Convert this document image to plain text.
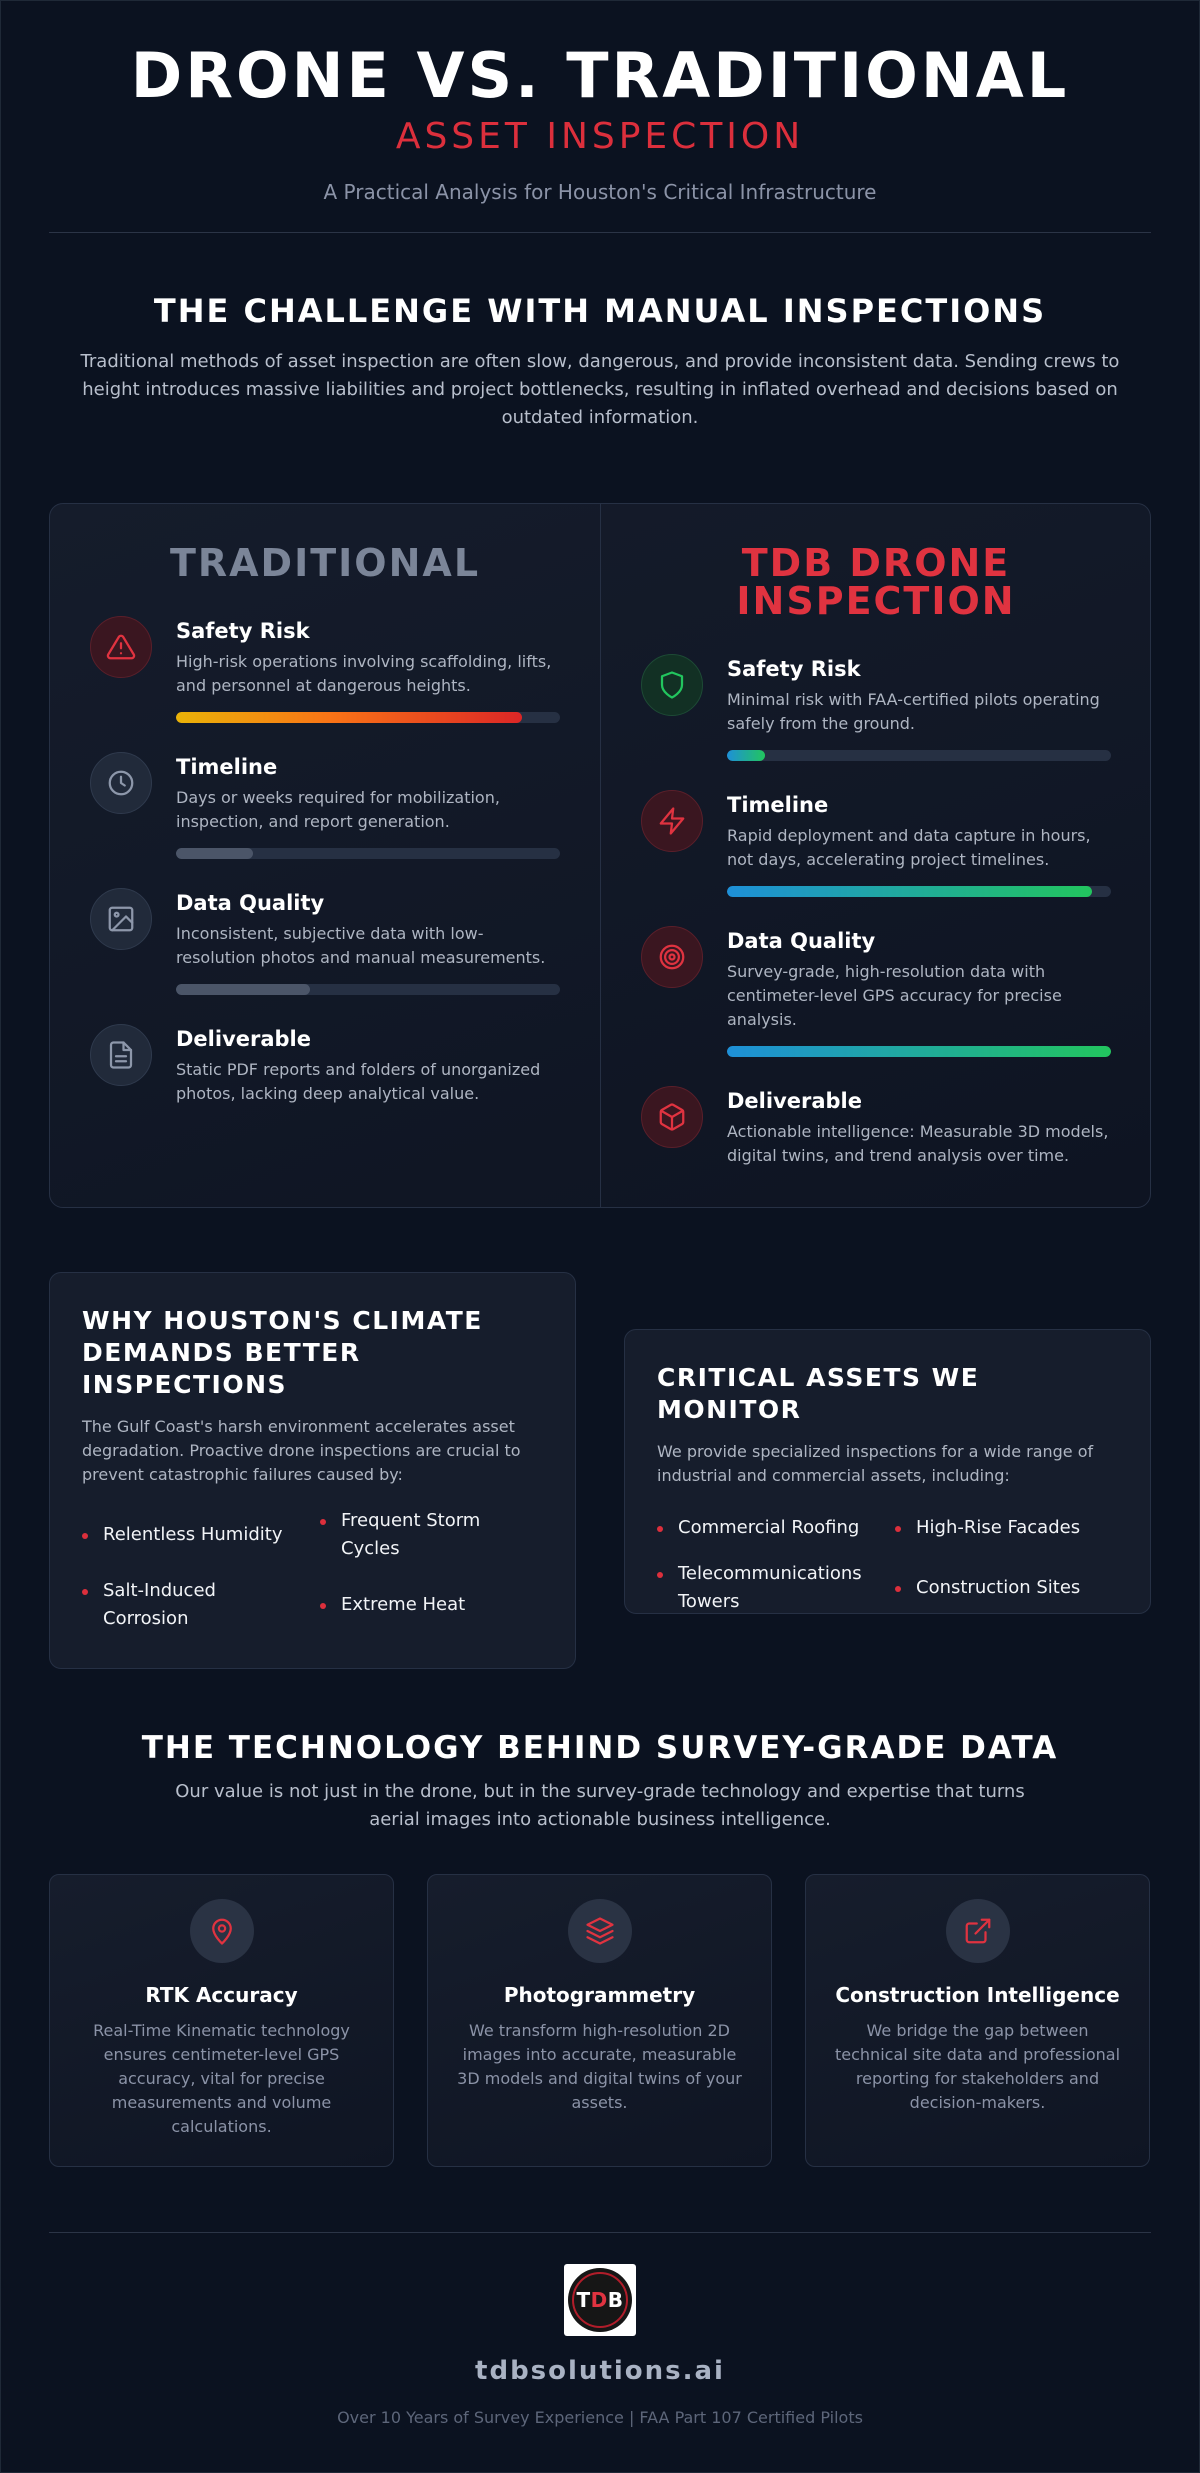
DRONE VS. TRADITIONAL
ASSET INSPECTION
A Practical Analysis for Houston's Critical Infrastructure
THE CHALLENGE WITH MANUAL INSPECTIONS

Traditional methods of asset inspection are often slow, dangerous, and provide inconsistent data. Sending crews to height introduces massive liabilities and project bottlenecks, resulting in inflated overhead and decisions based on outdated information.

TRADITIONAL
Safety Risk
High-risk operations involving scaffolding, lifts, and personnel at dangerous heights.
Timeline
Days or weeks required for mobilization, inspection, and report generation.
Data Quality
Inconsistent, subjective data with low-resolution photos and manual measurements.
Deliverable
Static PDF reports and folders of unorganized photos, lacking deep analytical value.
TDB DRONE
INSPECTION
Safety Risk
Minimal risk with FAA-certified pilots operating safely from the ground.
Timeline
Rapid deployment and data capture in hours, not days, accelerating project timelines.
Data Quality
Survey-grade, high-resolution data with centimeter-level GPS accuracy for precise analysis.
Deliverable
Actionable intelligence: Measurable 3D models, digital twins, and trend analysis over time.
WHY HOUSTON'S CLIMATE DEMANDS BETTER INSPECTIONS
The Gulf Coast's harsh environment accelerates asset degradation. Proactive drone inspections are crucial to prevent catastrophic failures caused by:
Relentless Humidity
Frequent Storm Cycles
Salt-Induced Corrosion
Extreme Heat
CRITICAL ASSETS WE MONITOR
We provide specialized inspections for a wide range of industrial and commercial assets, including:
Commercial Roofing	High-Rise Facades
Telecommunications Towers
Construction Sites
THE TECHNOLOGY BEHIND SURVEY-GRADE DATA

Our value is not just in the drone, but in the survey-grade technology and expertise that turns aerial images into actionable business intelligence.

RTK Accuracy
Real-Time Kinematic technology ensures centimeter-level GPS accuracy, vital for precise measurements and volume calculations.
Photogrammetry
We transform high-resolution 2D images into accurate, measurable 3D models and digital twins of your assets.
Construction Intelligence
We bridge the gap between technical site data and professional reporting for stakeholders and decision-makers.
TDB
tdbsolutions.ai
Over 10 Years of Survey Experience | FAA Part 107 Certified Pilots
